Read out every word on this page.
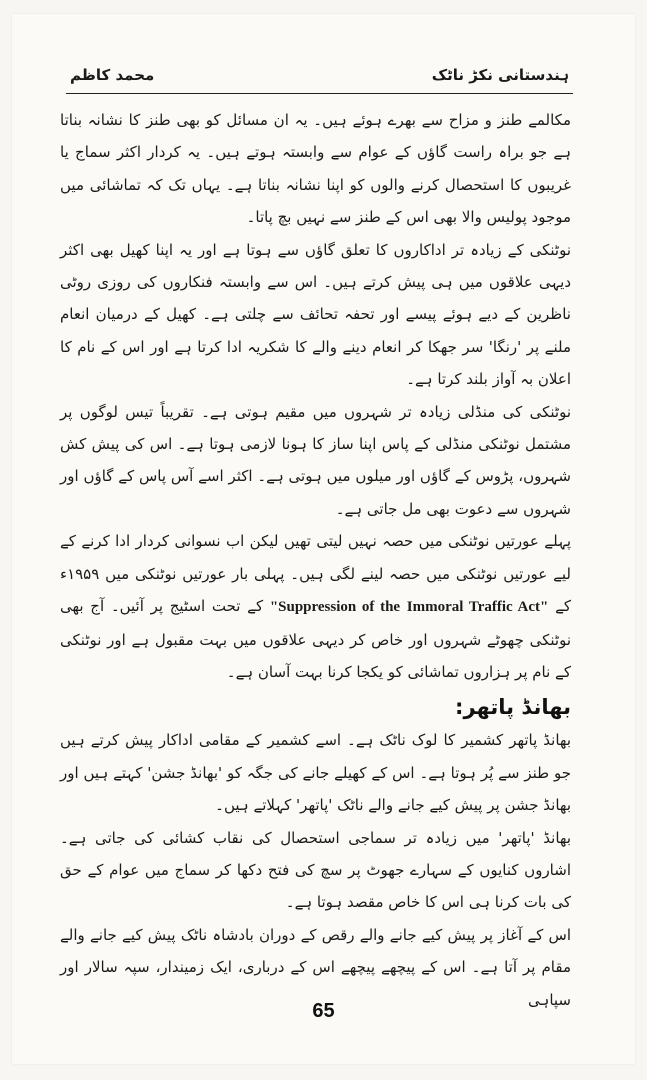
ہندستانی نکڑ ناٹک
محمد کاظم

مکالمے طنز و مزاح سے بھرے ہوئے ہیں۔ یہ ان مسائل کو بھی طنز کا نشانہ بناتا ہے جو براہ راست گاؤں کے عوام سے وابستہ ہوتے ہیں۔ یہ کردار اکثر سماج یا غریبوں کا استحصال کرنے والوں کو اپنا نشانہ بناتا ہے۔ یہاں تک کہ تماشائی میں موجود پولیس والا بھی اس کے طنز سے نہیں بچ پاتا۔

نوٹنکی کے زیادہ تر اداکاروں کا تعلق گاؤں سے ہوتا ہے اور یہ اپنا کھیل بھی اکثر دیہی علاقوں میں ہی پیش کرتے ہیں۔ اس سے وابستہ فنکاروں کی روزی روٹی ناظرین کے دیے ہوئے پیسے اور تحفہ تحائف سے چلتی ہے۔ کھیل کے درمیان انعام ملنے پر 'رنگا' سر جھکا کر انعام دینے والے کا شکریہ ادا کرتا ہے اور اس کے نام کا اعلان بہ آواز بلند کرتا ہے۔

نوٹنکی کی منڈلی زیادہ تر شہروں میں مقیم ہوتی ہے۔ تقریباً تیس لوگوں پر مشتمل نوٹنکی منڈلی کے پاس اپنا ساز کا ہونا لازمی ہوتا ہے۔ اس کی پیش کش شہروں، پڑوس کے گاؤں اور میلوں میں ہوتی ہے۔ اکثر اسے آس پاس کے گاؤں اور شہروں سے دعوت بھی مل جاتی ہے۔

پہلے عورتیں نوٹنکی میں حصہ نہیں لیتی تھیں لیکن اب نسوانی کردار ادا کرنے کے لیے عورتیں نوٹنکی میں حصہ لینے لگی ہیں۔ پہلی بار عورتیں نوٹنکی میں ۱۹۵۹ء کے "Suppression of the Immoral Traffic Act" کے تحت اسٹیج پر آئیں۔ آج بھی نوٹنکی چھوٹے شہروں اور خاص کر دیہی علاقوں میں بہت مقبول ہے اور نوٹنکی کے نام پر ہزاروں تماشائی کو یکجا کرنا بہت آسان ہے۔

بھانڈ پاتھر:

بھانڈ پاتھر کشمیر کا لوک ناٹک ہے۔ اسے کشمیر کے مقامی اداکار پیش کرتے ہیں جو طنز سے پُر ہوتا ہے۔ اس کے کھیلے جانے کی جگہ کو 'بھانڈ جشن' کہتے ہیں اور بھانڈ جشن پر پیش کیے جانے والے ناٹک 'پاتھر' کہلاتے ہیں۔

بھانڈ 'پاتھر' میں زیادہ تر سماجی استحصال کی نقاب کشائی کی جاتی ہے۔ اشاروں کنایوں کے سہارے جھوٹ پر سچ کی فتح دکھا کر سماج میں عوام کے حق کی بات کرنا ہی اس کا خاص مقصد ہوتا ہے۔

اس کے آغاز پر پیش کیے جانے والے رقص کے دوران بادشاہ ناٹک پیش کیے جانے والے مقام پر آتا ہے۔ اس کے پیچھے پیچھے اس کے درباری، ایک زمیندار، سپہ سالار اور سپاہی

65
